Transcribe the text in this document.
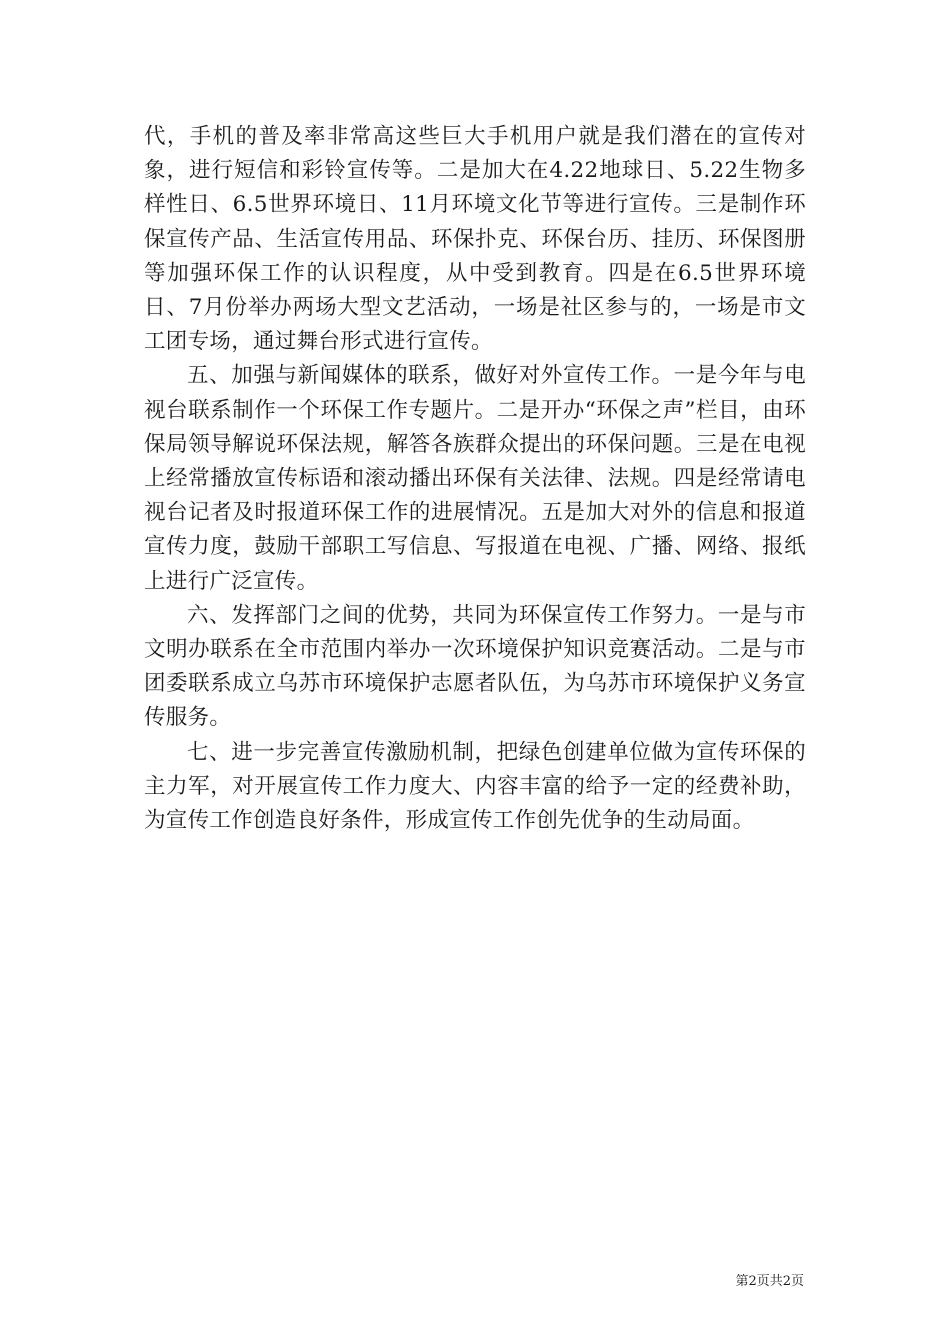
代，手机的普及率非常高这些巨大手机用户就是我们潜在的宣传对象，进行短信和彩铃宣传等。二是加大在4.22地球日、5.22生物多样性日、6.5世界环境日、11月环境文化节等进行宣传。三是制作环保宣传产品、生活宣传用品、环保扑克、环保台历、挂历、环保图册等加强环保工作的认识程度，从中受到教育。四是在6.5世界环境日、7月份举办两场大型文艺活动，一场是社区参与的，一场是市文工团专场，通过舞台形式进行宣传。

五、加强与新闻媒体的联系，做好对外宣传工作。一是今年与电视台联系制作一个环保工作专题片。二是开办“环保之声”栏目，由环保局领导解说环保法规，解答各族群众提出的环保问题。三是在电视上经常播放宣传标语和滚动播出环保有关法律、法规。四是经常请电视台记者及时报道环保工作的进展情况。五是加大对外的信息和报道宣传力度，鼓励干部职工写信息、写报道在电视、广播、网络、报纸上进行广泛宣传。

六、发挥部门之间的优势，共同为环保宣传工作努力。一是与市文明办联系在全市范围内举办一次环境保护知识竞赛活动。二是与市团委联系成立乌苏市环境保护志愿者队伍，为乌苏市环境保护义务宣传服务。

七、进一步完善宣传激励机制，把绿色创建单位做为宣传环保的主力军，对开展宣传工作力度大、内容丰富的给予一定的经费补助，为宣传工作创造良好条件，形成宣传工作创先优争的生动局面。

第2页共2页
